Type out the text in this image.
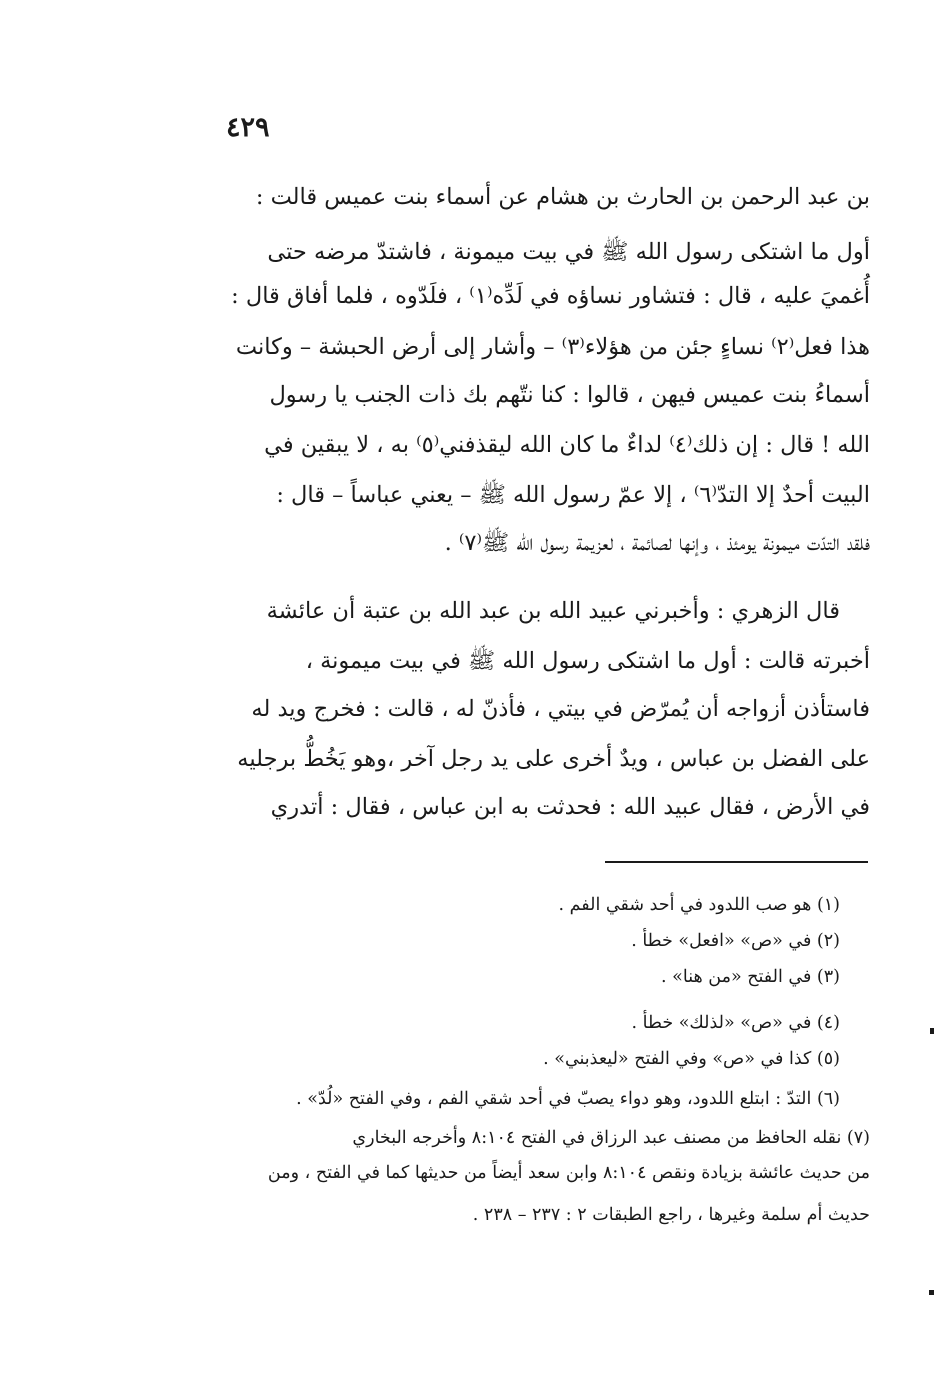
٤٢٩
بن عبد الرحمن بن الحارث بن هشام عن أسماء بنت عميس قالت :
أول ما اشتكى رسول الله ﷺ في بيت ميمونة ، فاشتدّ مرضه حتى
أُغميَ عليه ، قال : فتشاور نساؤه في لَدِّه⁽١⁾ ، فلَدّوه ، فلما أفاق قال :
هذا فعل⁽٢⁾ نساءٍ جئن من هؤلاء⁽٣⁾ – وأشار إلى أرض الحبشة – وكانت
أسماءُ بنت عميس فيهن ، قالوا : كنا نتّهم بك ذات الجنب يا رسول
الله ! قال : إن ذلك⁽٤⁾ لداءٌ ما كان الله ليقذفني⁽٥⁾ به ، لا يبقين في
البيت أحدٌ إلا التدّ⁽٦⁾ ، إلا عمّ رسول الله ﷺ – يعني عباساً – قال :
فلقد التدّت ميمونة يومئذ ، وإنها لصائمة ، لعزيمة رسول الله ﷺ⁽٧⁾ .
قال الزهري : وأخبرني عبيد الله بن عبد الله بن عتبة أن عائشة
أخبرته قالت : أول ما اشتكى رسول الله ﷺ في بيت ميمونة ،
فاستأذن أزواجه أن يُمرّض في بيتي ، فأذنّ له ، قالت : فخرج ويد له
على الفضل بن عباس ، ويدٌ أخرى على يد رجل آخر ،وهو يَخُطُّ برجليه
في الأرض ، فقال عبيد الله : فحدثت به ابن عباس ، فقال : أتدري
(١) هو صب اللدود في أحد شقي الفم .
(٢) في «ص» «افعل» خطأ .
(٣) في الفتح «من هنا» .
(٤) في «ص» «لذلك» خطأ .
(٥) كذا في «ص» وفي الفتح «ليعذبني» .
(٦) التدّ : ابتلع اللدود، وهو دواء يصبّ في أحد شقي الفم ، وفي الفتح «لُدّ» .
(٧) نقله الحافظ من مصنف عبد الرزاق في الفتح ٨:١٠٤ وأخرجه البخاري
من حديث عائشة بزيادة ونقص ٨:١٠٤ وابن سعد أيضاً من حديثها كما في الفتح ، ومن
حديث أم سلمة وغيرها ، راجع الطبقات ٢ : ٢٣٧ – ٢٣٨ .
